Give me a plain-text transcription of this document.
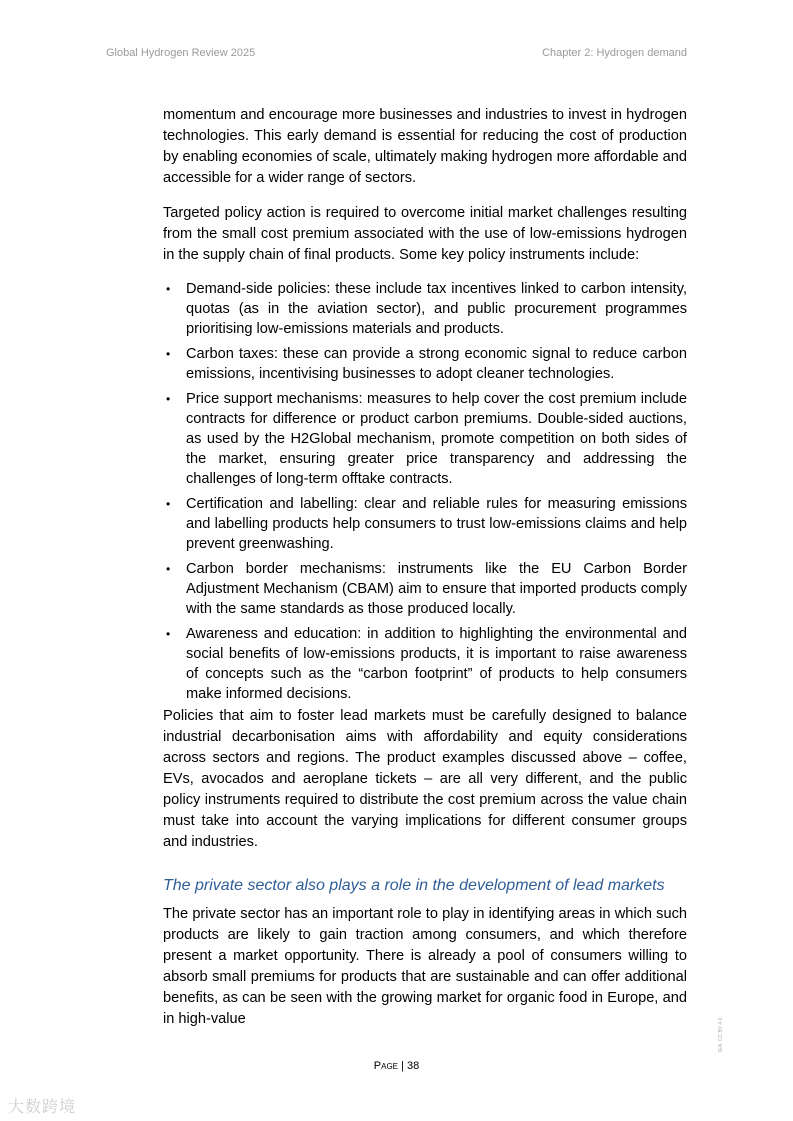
Global Hydrogen Review 2025	Chapter 2: Hydrogen demand

momentum and encourage more businesses and industries to invest in hydrogen technologies. This early demand is essential for reducing the cost of production by enabling economies of scale, ultimately making hydrogen more affordable and accessible for a wider range of sectors.

Targeted policy action is required to overcome initial market challenges resulting from the small cost premium associated with the use of low-emissions hydrogen in the supply chain of final products. Some key policy instruments include:

• Demand-side policies: these include tax incentives linked to carbon intensity, quotas (as in the aviation sector), and public procurement programmes prioritising low-emissions materials and products.
• Carbon taxes: these can provide a strong economic signal to reduce carbon emissions, incentivising businesses to adopt cleaner technologies.
• Price support mechanisms: measures to help cover the cost premium include contracts for difference or product carbon premiums. Double-sided auctions, as used by the H2Global mechanism, promote competition on both sides of the market, ensuring greater price transparency and addressing the challenges of long-term offtake contracts.
• Certification and labelling: clear and reliable rules for measuring emissions and labelling products help consumers to trust low-emissions claims and help prevent greenwashing.
• Carbon border mechanisms: instruments like the EU Carbon Border Adjustment Mechanism (CBAM) aim to ensure that imported products comply with the same standards as those produced locally.
• Awareness and education: in addition to highlighting the environmental and social benefits of low-emissions products, it is important to raise awareness of concepts such as the “carbon footprint” of products to help consumers make informed decisions.

Policies that aim to foster lead markets must be carefully designed to balance industrial decarbonisation aims with affordability and equity considerations across sectors and regions. The product examples discussed above – coffee, EVs, avocados and aeroplane tickets – are all very different, and the public policy instruments required to distribute the cost premium across the value chain must take into account the varying implications for different consumer groups and industries.

The private sector also plays a role in the development of lead markets

The private sector has an important role to play in identifying areas in which such products are likely to gain traction among consumers, and which therefore present a market opportunity. There is already a pool of consumers willing to absorb small premiums for products that are sustainable and can offer additional benefits, as can be seen with the growing market for organic food in Europe, and in high-value

Page | 38
IEA. CC BY 4.0.
大数跨境
